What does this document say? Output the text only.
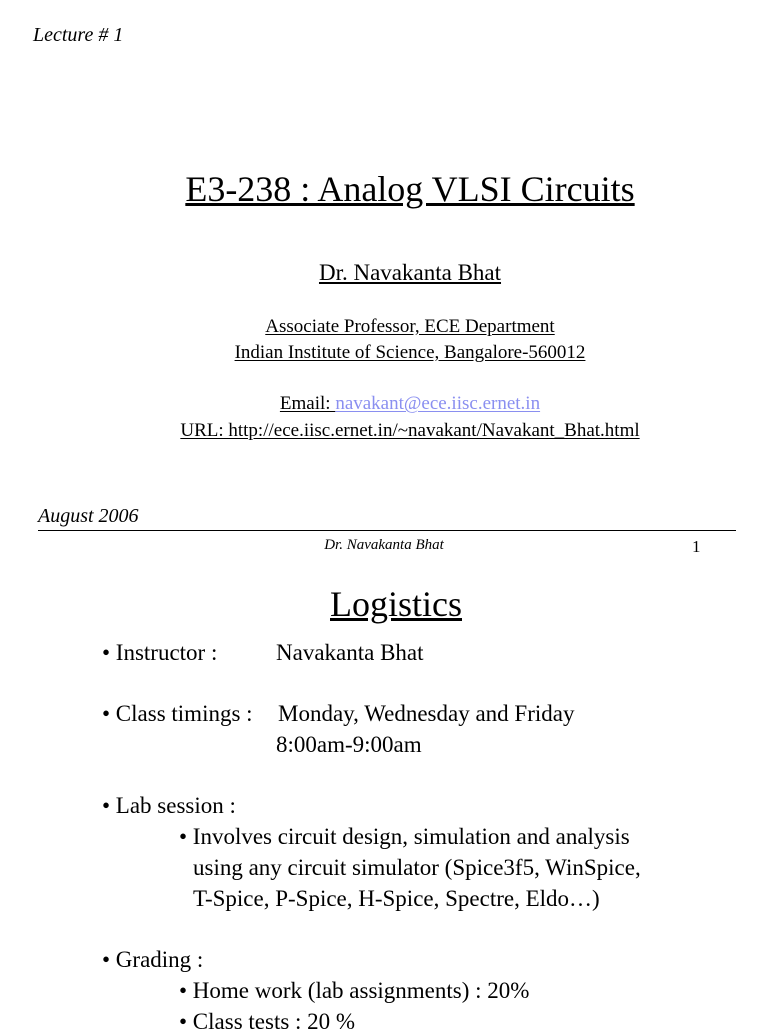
Lecture # 1
E3-238 : Analog VLSI Circuits
Dr. Navakanta Bhat
Associate Professor, ECE Department
Indian Institute of Science, Bangalore-560012
Email: navakant@ece.iisc.ernet.in
URL: http://ece.iisc.ernet.in/~navakant/Navakant_Bhat.html
August 2006
Dr. Navakanta Bhat	1
Logistics
• Instructor :	Navakanta Bhat
• Class timings : Monday, Wednesday and Friday
8:00am-9:00am
• Lab session :
• Involves circuit design, simulation and analysis
using any circuit simulator (Spice3f5, WinSpice,
T-Spice, P-Spice, H-Spice, Spectre, Eldo…)
• Grading :
• Home work (lab assignments) : 20%
• Class tests : 20 %
